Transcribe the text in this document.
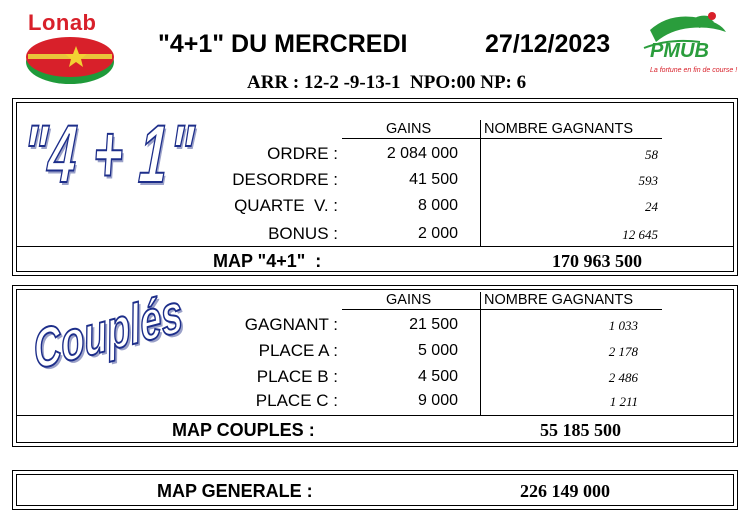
Lonab
"4+1" DU MERCREDI	27/12/2023
ARR : 12-2 -9-13-1  NPO:00 NP: 6
PMUB
La fortune en fin de course !
"4 + 1"	GAINS	NOMBRE GAGNANTS
ORDRE :	2 084 000	58
DESORDRE :	41 500	593
QUARTE  V. :	8 000	24
BONUS :	2 000	12 645
MAP "4+1"  :	170 963 500
Couplés	GAINS	NOMBRE GAGNANTS
GAGNANT :	21 500	1 033
PLACE A :	5 000	2 178
PLACE B :	4 500	2 486
PLACE C :	9 000	1 211
MAP COUPLES :	55 185 500
MAP GENERALE :	226 149 000
